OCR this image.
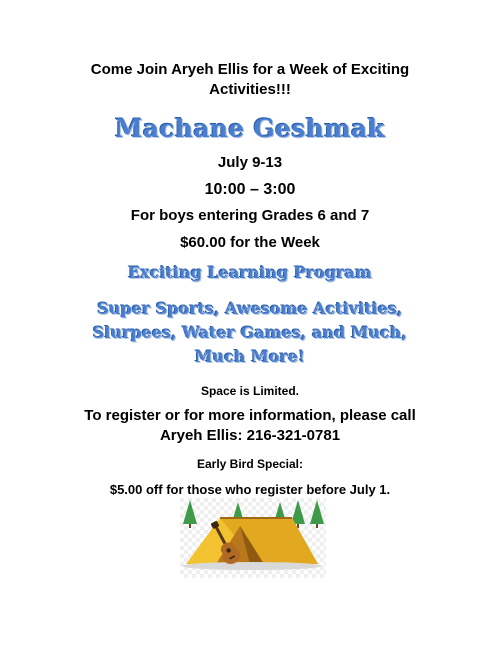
Come Join Aryeh Ellis for a Week of Exciting
Activities!!!
Machane Geshmak
July 9-13
10:00 – 3:00
For boys entering Grades 6 and 7
$60.00 for the Week
Exciting Learning Program
Super Sports, Awesome Activities,
Slurpees, Water Games, and Much,
Much More!
Space is Limited.
To register or for more information, please call
Aryeh Ellis: 216-321-0781
Early Bird Special:
$5.00 off for those who register before July 1.
